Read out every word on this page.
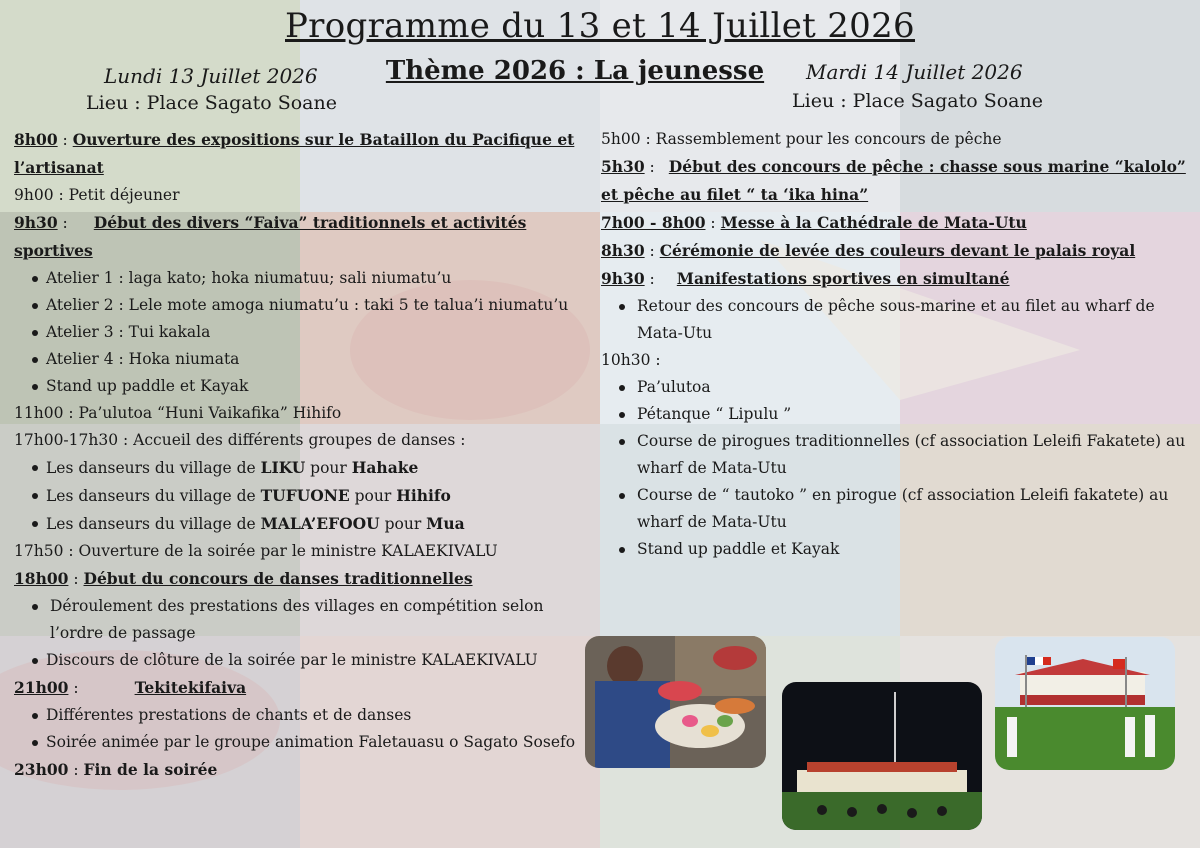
Programme du 13 et 14 Juillet 2026
Thème 2026 : La jeunesse
Lundi 13 Juillet 2026
Lieu : Place Sagato Soane
Mardi 14 Juillet 2026
Lieu : Place Sagato Soane
8h00 : Ouverture des expositions sur le Bataillon du Pacifique et l’artisanat
9h00 : Petit déjeuner
9h30 : Début des divers “Faiva” traditionnels et activités sportives
Atelier 1 : laga kato; hoka niumatuu; sali niumatu’u
Atelier 2 : Lele mote amoga niumatu’u : taki 5 te talua’i niumatu’u
Atelier 3 : Tui kakala
Atelier 4 : Hoka niumata
Stand up paddle et Kayak
11h00 : Pa’ulutoa “Huni Vaikafika” Hihifo
17h00-17h30 : Accueil des différents groupes de danses :
Les danseurs du village de LIKU pour Hahake
Les danseurs du village de TUFUONE pour Hihifo
Les danseurs du village de MALA’EFOOU pour Mua
17h50 : Ouverture de la soirée par le ministre KALAEKIVALU
18h00 : Début du concours de danses traditionnelles
Déroulement des prestations des villages en compétition selon l’ordre de passage
Discours de clôture de la soirée par le ministre KALAEKIVALU
21h00 :	Tekitekifaiva
Différentes prestations de chants et de danses
Soirée animée par le groupe animation Faletauasu o Sagato Sosefo
23h00 : Fin de la soirée
5h00 : Rassemblement pour les concours de pêche
5h30 : Début des concours de pêche : chasse sous marine “kalolo” et pêche au filet “ ta ‘ika hina”
7h00 - 8h00 : Messe à la Cathédrale de Mata-Utu
8h30 : Cérémonie de levée des couleurs devant le palais royal
9h30 : Manifestations sportives en simultané
Retour des concours de pêche sous-marine et au filet au wharf de Mata-Utu
10h30 :
Pa’ulutoa
Pétanque “ Lipulu ”
Course de pirogues traditionnelles (cf association Leleifi Fakatete) au wharf de Mata-Utu
Course de “ tautoko ” en pirogue (cf association Leleifi fakatete) au wharf de Mata-Utu
Stand up paddle et Kayak
